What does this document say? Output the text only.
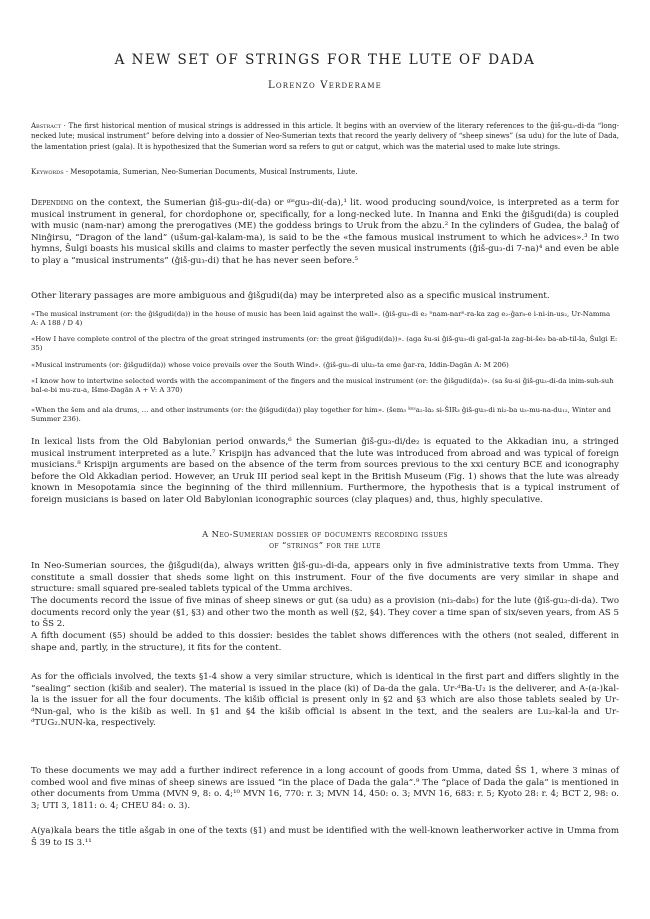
A NEW SET OF STRINGS FOR THE LUTE OF DADA
Lorenzo Verderame
Abstract · The first historical mention of musical strings is addressed in this article. It begins with an overview of the literary references to the ĝiš-gu₃-di-da “long-necked lute; musical instrument” before delving into a dossier of Neo-Sumerian texts that record the yearly delivery of “sheep sinews” (sa udu) for the lute of Dada, the lamentation priest (gala). It is hypothesized that the Sumerian word sa refers to gut or catgut, which was the material used to make lute strings.
Keywords · Mesopotamia, Sumerian, Neo-Sumerian Documents, Musical Instruments, Liute.

Depending on the context, the Sumerian ĝiš-gu₃-di(-da) or ᵍⁱˢgu₃-di(-da),¹ lit. wood producing sound/voice, is interpreted as a term for musical instrument in general, for chordophone or, specifically, for a long-necked lute. In Inanna and Enki the ĝišgudi(da) is coupled with music (nam-nar) among the prerogatives (ME) the goddess brings to Uruk from the abzu.² In the cylinders of Gudea, the balaĝ of Ninĝirsu, “Dragon of the land” (ušum-gal-kalam-ma), is said to be the «the famous musical instrument to which he advices».³ In two hymns, Šulgi boasts his musical skills and claims to master perfectly the seven musical instruments (ĝiš-gu₃-di 7-na)⁴ and even be able to play a “musical instruments” (ĝiš-gu₃-di) that he has never seen before.⁵

Other literary passages are more ambiguous and ĝišgudi(da) may be interpreted also as a specific musical instrument.

«The musical instrument (or: the ĝišgudi(da)) in the house of music has been laid against the wall». (ĝiš-gu₃-di e₂ ⁿnam-narⁿ-ra-ka zag e₂-ĝar₈-e i-ni-in-us₂, Ur-Namma A: A 188 / D 4)

«How I have complete control of the plectra of the great stringed instruments (or: the great ĝišgudi(da))». (aga šu-si ĝiš-gu₃-di gal-gal-la zag-bi-še₃ ba-ab-til-la, Šulgi E: 35)

«Musical instruments (or: ĝišgudi(da)) whose voice prevails over the South Wind». (ĝiš-gu₃-di ulu₃-ta eme ĝar-ra, Iddin-Dagān A: M 206)

«I know how to intertwine selected words with the accompaniment of the fingers and the musical instrument (or: the ĝišgudi(da)». (sa šu-si ĝiš-gu₃-di-da inim-suh-suh bal-e-bi mu-zu-a, Išme-Dagān A + V: A 370)

«When the šem and ala drums, … and other instruments (or: the ĝišgudi(da)) play together for him». (šem₃ ᵏᵘˢa₂-la₂ si-ŠIR₃ ĝiš-gu₃-di ni₂-ba u₃-mu-na-du₁₂, Winter and Summer 236).

In lexical lists from the Old Babylonian period onwards,⁶ the Sumerian ĝiš-gu₃-di/de₂ is equated to the Akkadian inu, a stringed musical instrument interpreted as a lute.⁷ Krispijn has advanced that the lute was introduced from abroad and was typical of foreign musicians.⁸ Krispijn arguments are based on the absence of the term from sources previous to the xxi century BCE and iconography before the Old Akkadian period. However, an Uruk III period seal kept in the British Museum (Fig. 1) shows that the lute was already known in Mesopotamia since the beginning of the third millennium. Furthermore, the hypothesis that is a typical instrument of foreign musicians is based on later Old Babylonian iconographic sources (clay plaques) and, thus, highly speculative.

A Neo-Sumerian dossier of documents recording issues
of “strings” for the lute

In Neo-Sumerian sources, the ĝišgudi(da), always written ĝiš-gu₃-di-da, appears only in five administrative texts from Umma. They constitute a small dossier that sheds some light on this instrument. Four of the five documents are very similar in shape and structure: small squared pre-sealed tablets typical of the Umma archives.

The documents record the issue of five minas of sheep sinews or gut (sa udu) as a provision (ni₃-dab₅) for the lute (ĝiš-gu₃-di-da). Two documents record only the year (§1, §3) and other two the month as well (§2, §4). They cover a time span of six/seven years, from AS 5 to ŠS 2.

A fifth document (§5) should be added to this dossier: besides the tablet shows differences with the others (not sealed, different in shape and, partly, in the structure), it fits for the content.

As for the officials involved, the texts §1-4 show a very similar structure, which is identical in the first part and differs slightly in the “sealing” section (kišib and sealer). The material is issued in the place (ki) of Da-da the gala. Ur-ᵈBa-U₂ is the deliverer, and A-(a-)kal-la is the issuer for all the four documents. The kišib official is present only in §2 and §3 which are also those tablets sealed by Ur-ᵈNun-gal, who is the kišib as well. In §1 and §4 the kišib official is absent in the text, and the sealers are Lu₂-kal-la and Ur-ᵈTUG₂.NUN-ka, respectively.

To these documents we may add a further indirect reference in a long account of goods from Umma, dated ŠS 1, where 3 minas of combed wool and five minas of sheep sinews are issued “in the place of Dada the gala”.⁹ The “place of Dada the gala” is mentioned in other documents from Umma (MVN 9, 8: o. 4;¹⁰ MVN 16, 770: r. 3; MVN 14, 450: o. 3; MVN 16, 683: r. 5; Kyoto 28: r. 4; BCT 2, 98: o. 3; UTI 3, 1811: o. 4; CHEU 84: o. 3).

A(ya)kala bears the title ašgab in one of the texts (§1) and must be identified with the well-known leatherworker active in Umma from Š 39 to IS 3.¹¹
